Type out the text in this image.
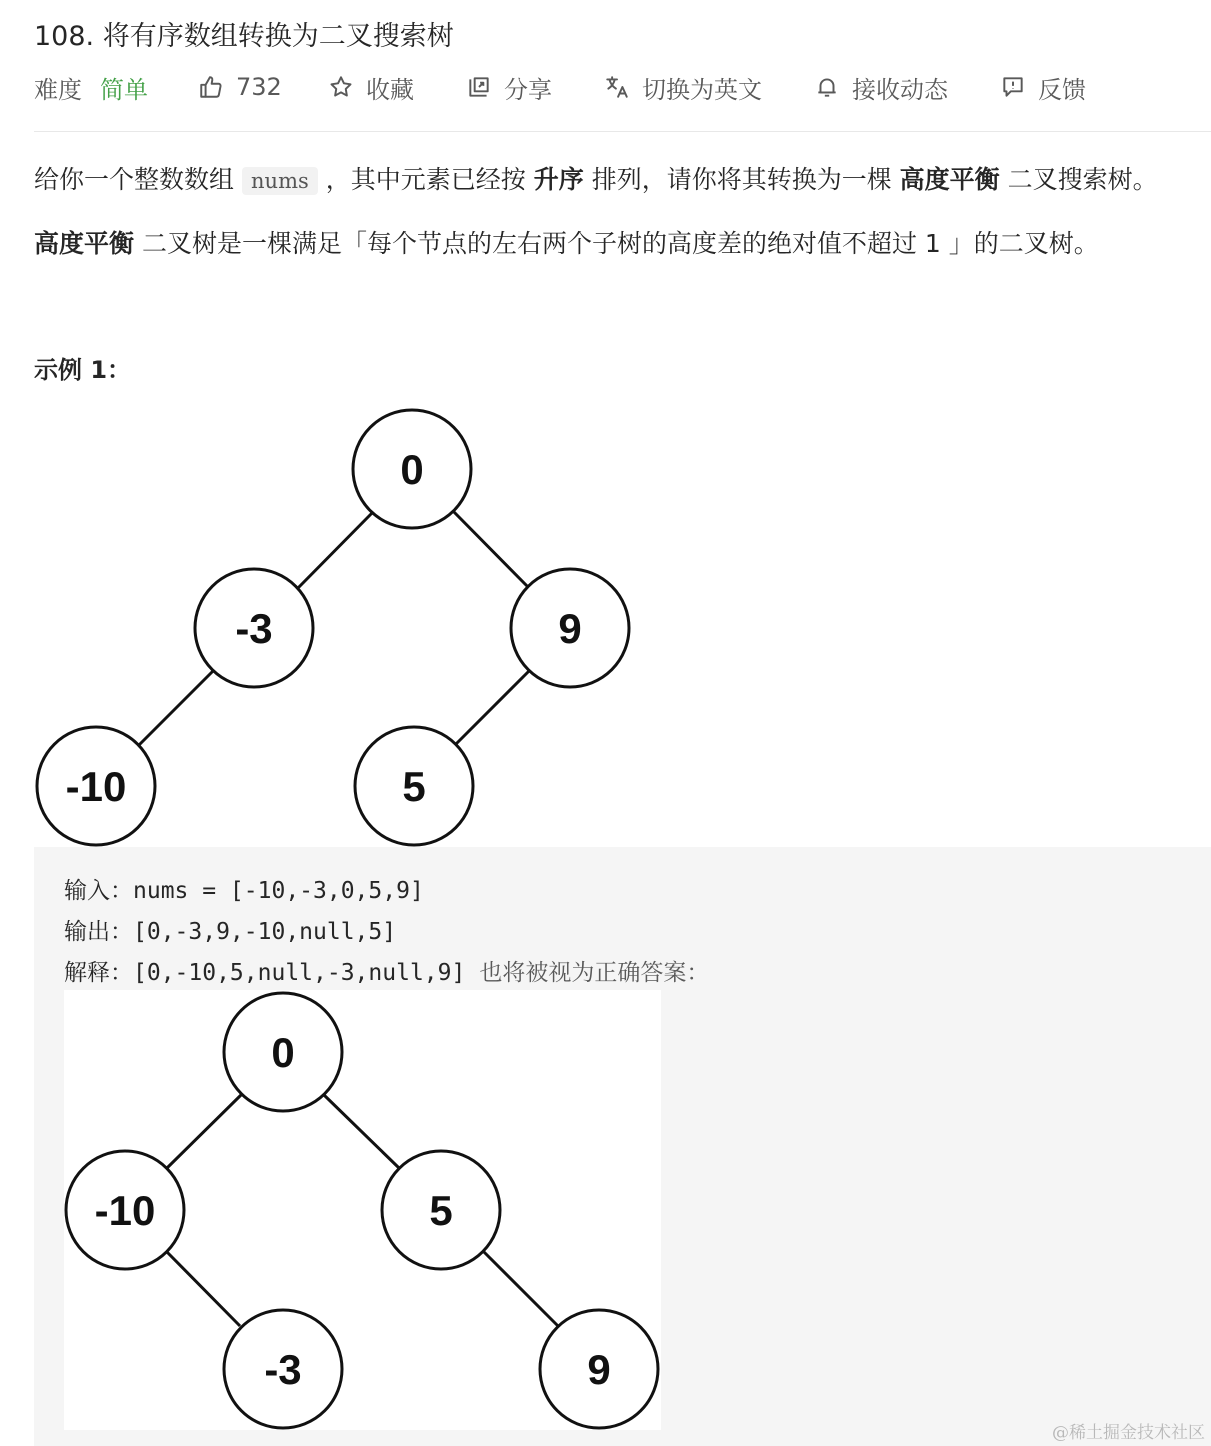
108. 将有序数组转换为二叉搜索树
难度 简单	732	收藏	分享	切换为英文	接收动态	反馈
给你一个整数数组 nums ，其中元素已经按 升序 排列，请你将其转换为一棵 高度平衡 二叉搜索树。
高度平衡 二叉树是一棵满足「每个节点的左右两个子树的高度差的绝对值不超过 1 」的二叉树。
示例 1：
0
-3	9
-10	5
输入：nums = [-10,-3,0,5,9]
输出：[0,-3,9,-10,null,5]
解释：[0,-10,5,null,-3,null,9] 也将被视为正确答案：
0
-10	5
-3	9
@稀土掘金技术社区
